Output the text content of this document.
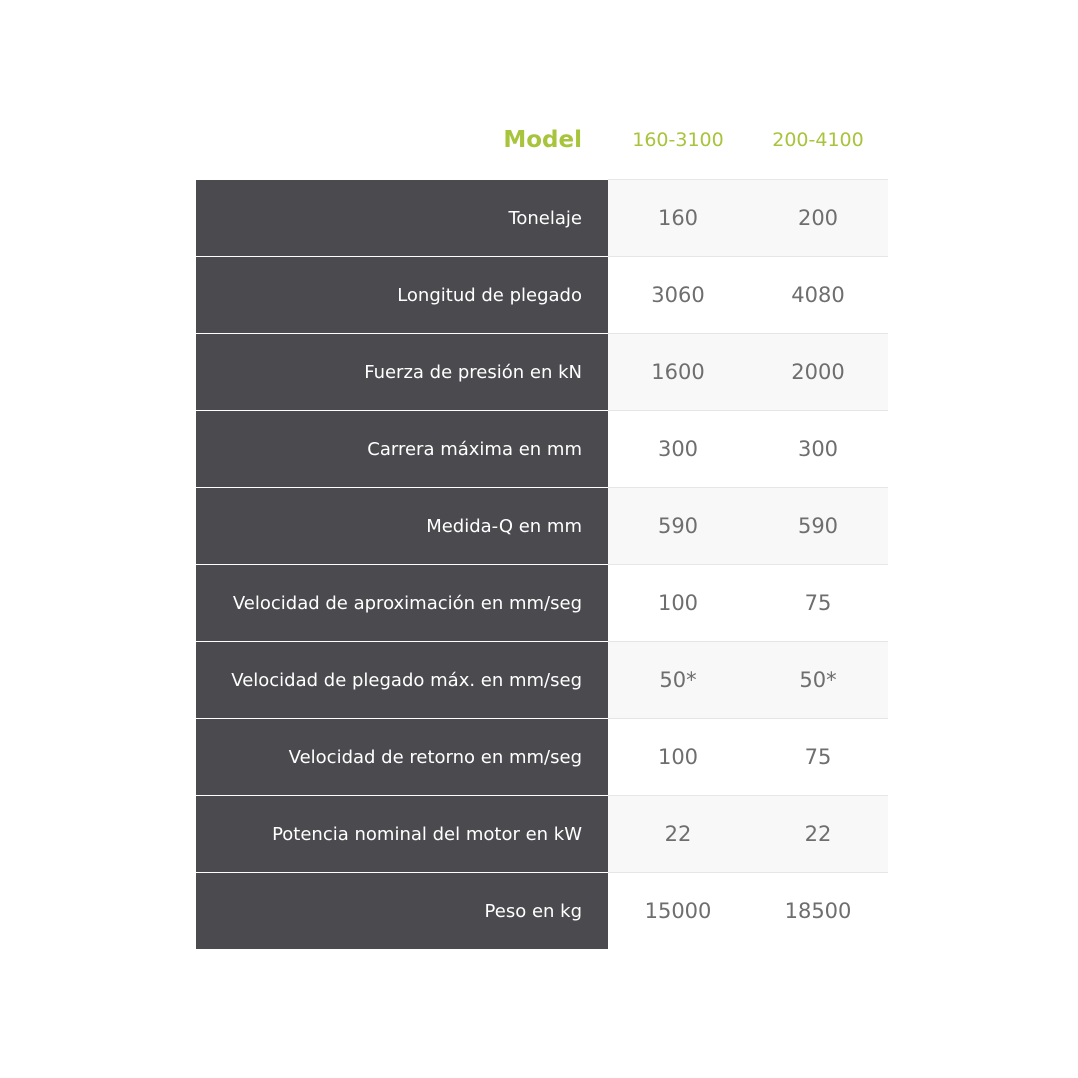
Model	160-3100	200-4100
Tonelaje	160	200
Longitud de plegado	3060	4080
Fuerza de presión en kN	1600	2000
Carrera máxima en mm	300	300
Medida-Q en mm	590	590
Velocidad de aproximación en mm/seg	100	75
Velocidad de plegado máx. en mm/seg	50*	50*
Velocidad de retorno en mm/seg	100	75
Potencia nominal del motor en kW	22	22
Peso en kg	15000	18500
